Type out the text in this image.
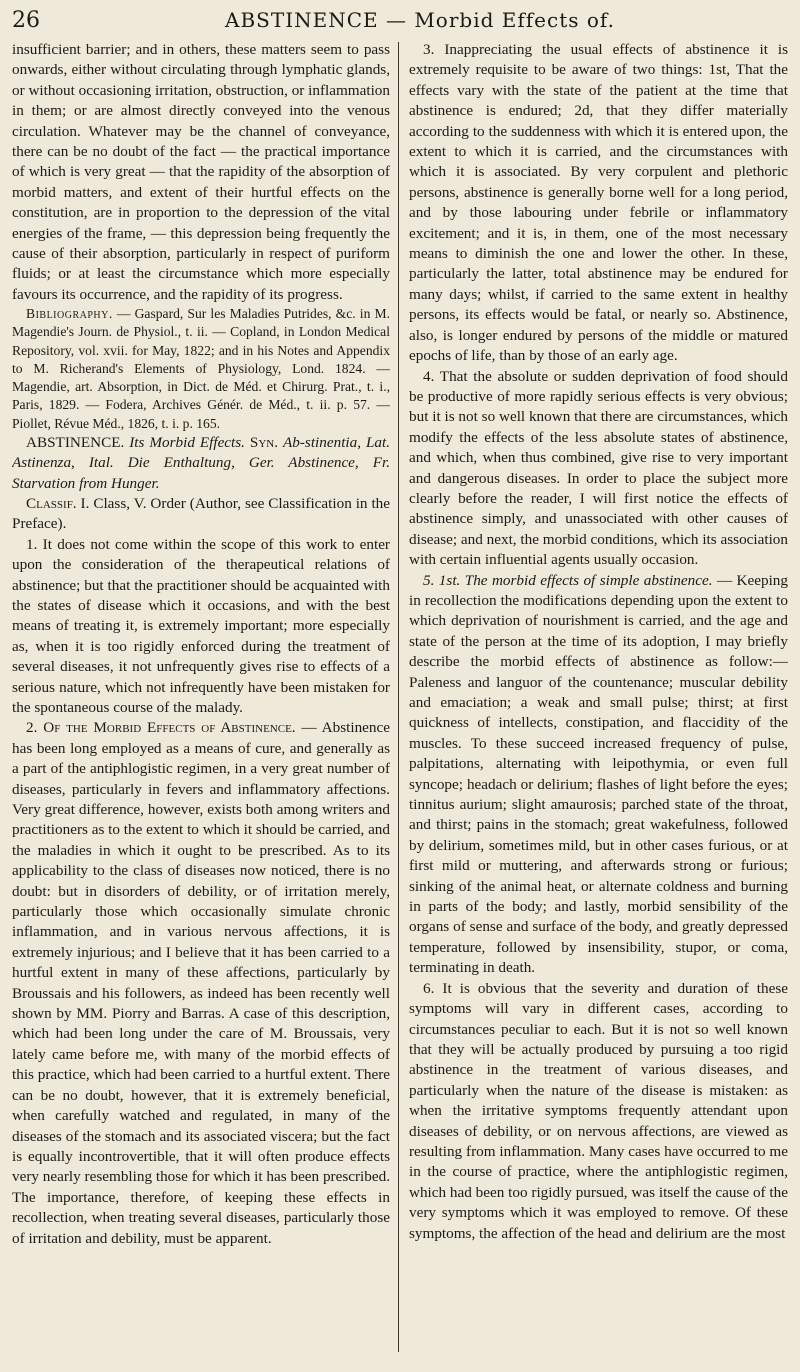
26	ABSTINENCE — Morbid Effects of.

insufficient barrier; and in others, these matters seem to pass onwards, either without circulating through lymphatic glands, or without occasioning irritation, obstruction, or inflammation in them; or are almost directly conveyed into the venous circulation. Whatever may be the channel of conveyance, there can be no doubt of the fact — the practical importance of which is very great — that the rapidity of the absorption of morbid matters, and extent of their hurtful effects on the constitution, are in proportion to the depression of the vital energies of the frame, — this depression being frequently the cause of their absorption, particularly in respect of puriform fluids; or at least the circumstance which more especially favours its occurrence, and the rapidity of its progress.

Bibliography. — Gaspard, Sur les Maladies Putrides, &c. in M. Magendie's Journ. de Physiol., t. ii. — Copland, in London Medical Repository, vol. xvii. for May, 1822; and in his Notes and Appendix to M. Richerand's Elements of Physiology, Lond. 1824. — Magendie, art. Absorption, in Dict. de Méd. et Chirurg. Prat., t. i., Paris, 1829. — Fodera, Archives Génér. de Méd., t. ii. p. 57. — Piollet, Révue Méd., 1826, t. i. p. 165.

ABSTINENCE. Its Morbid Effects. Syn. Ab-stinentia, Lat. Astinenza, Ital. Die Enthaltung, Ger. Abstinence, Fr. Starvation from Hunger.

Classif. I. Class, V. Order (Author, see Classification in the Preface).

1. It does not come within the scope of this work to enter upon the consideration of the therapeutical relations of abstinence; but that the practitioner should be acquainted with the states of disease which it occasions, and with the best means of treating it, is extremely important; more especially as, when it is too rigidly enforced during the treatment of several diseases, it not unfrequently gives rise to effects of a serious nature, which not infrequently have been mistaken for the spontaneous course of the malady.

2. Of the Morbid Effects of Abstinence. — Abstinence has been long employed as a means of cure, and generally as a part of the antiphlogistic regimen, in a very great number of diseases, particularly in fevers and inflammatory affections. Very great difference, however, exists both among writers and practitioners as to the extent to which it should be carried, and the maladies in which it ought to be prescribed. As to its applicability to the class of diseases now noticed, there is no doubt: but in disorders of debility, or of irritation merely, particularly those which occasionally simulate chronic inflammation, and in various nervous affections, it is extremely injurious; and I believe that it has been carried to a hurtful extent in many of these affections, particularly by Broussais and his followers, as indeed has been recently well shown by MM. Piorry and Barras. A case of this description, which had been long under the care of M. Broussais, very lately came before me, with many of the morbid effects of this practice, which had been carried to a hurtful extent. There can be no doubt, however, that it is extremely beneficial, when carefully watched and regulated, in many of the diseases of the stomach and its associated viscera; but the fact is equally incontrovertible, that it will often produce effects very nearly resembling those for which it has been prescribed. The importance, therefore, of keeping these effects in recollection, when treating several diseases, particularly those of irritation and debility, must be apparent.

3. Inappreciating the usual effects of abstinence it is extremely requisite to be aware of two things: 1st, That the effects vary with the state of the patient at the time that abstinence is endured; 2d, that they differ materially according to the suddenness with which it is entered upon, the extent to which it is carried, and the circumstances with which it is associated. By very corpulent and plethoric persons, abstinence is generally borne well for a long period, and by those labouring under febrile or inflammatory excitement; and it is, in them, one of the most necessary means to diminish the one and lower the other. In these, particularly the latter, total abstinence may be endured for many days; whilst, if carried to the same extent in healthy persons, its effects would be fatal, or nearly so. Abstinence, also, is longer endured by persons of the middle or matured epochs of life, than by those of an early age.

4. That the absolute or sudden deprivation of food should be productive of more rapidly serious effects is very obvious; but it is not so well known that there are circumstances, which modify the effects of the less absolute states of abstinence, and which, when thus combined, give rise to very important and dangerous diseases. In order to place the subject more clearly before the reader, I will first notice the effects of abstinence simply, and unassociated with other causes of disease; and next, the morbid conditions, which its association with certain influential agents usually occasion.

5. 1st. The morbid effects of simple abstinence. — Keeping in recollection the modifications depending upon the extent to which deprivation of nourishment is carried, and the age and state of the person at the time of its adoption, I may briefly describe the morbid effects of abstinence as follow:—Paleness and languor of the countenance; muscular debility and emaciation; a weak and small pulse; thirst; at first quickness of intellects, constipation, and flaccidity of the muscles. To these succeed increased frequency of pulse, palpitations, alternating with leipothymia, or even full syncope; headach or delirium; flashes of light before the eyes; tinnitus aurium; slight amaurosis; parched state of the throat, and thirst; pains in the stomach; great wakefulness, followed by delirium, sometimes mild, but in other cases furious, or at first mild or muttering, and afterwards strong or furious; sinking of the animal heat, or alternate coldness and burning in parts of the body; and lastly, morbid sensibility of the organs of sense and surface of the body, and greatly depressed temperature, followed by insensibility, stupor, or coma, terminating in death.

6. It is obvious that the severity and duration of these symptoms will vary in different cases, according to circumstances peculiar to each. But it is not so well known that they will be actually produced by pursuing a too rigid abstinence in the treatment of various diseases, and particularly when the nature of the disease is mistaken: as when the irritative symptoms frequently attendant upon diseases of debility, or on nervous affections, are viewed as resulting from inflammation. Many cases have occurred to me in the course of practice, where the antiphlogistic regimen, which had been too rigidly pursued, was itself the cause of the very symptoms which it was employed to remove. Of these symptoms, the affection of the head and delirium are the most
